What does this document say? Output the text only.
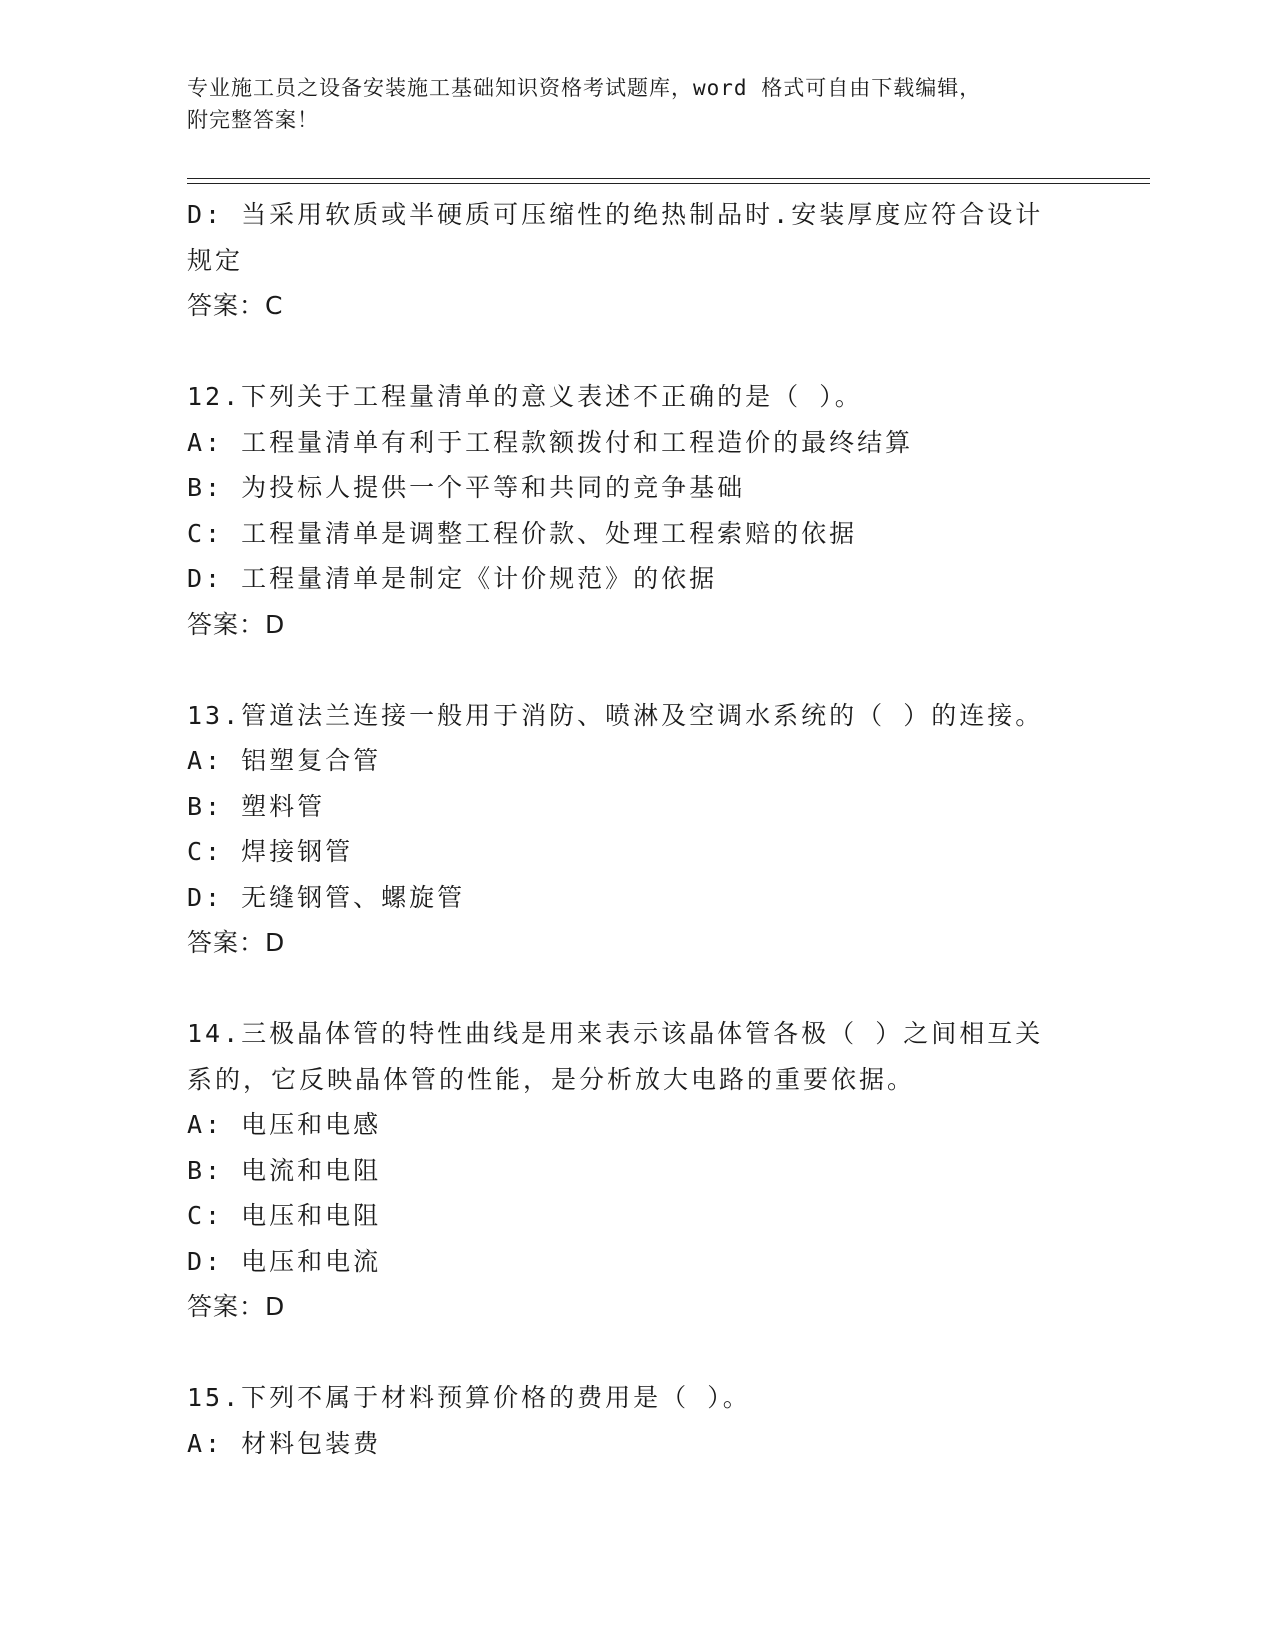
专业施工员之设备安装施工基础知识资格考试题库，word 格式可自由下载编辑，
附完整答案！
D: 当采用软质或半硬质可压缩性的绝热制品时.安装厚度应符合设计
规定
答案：C
12.下列关于工程量清单的意义表述不正确的是（ ）。
A: 工程量清单有利于工程款额拨付和工程造价的最终结算
B: 为投标人提供一个平等和共同的竞争基础
C: 工程量清单是调整工程价款、处理工程索赔的依据
D: 工程量清单是制定《计价规范》的依据
答案：D
13.管道法兰连接一般用于消防、喷淋及空调水系统的（ ）的连接。
A: 铝塑复合管
B: 塑料管
C: 焊接钢管
D: 无缝钢管、螺旋管
答案：D
14.三极晶体管的特性曲线是用来表示该晶体管各极（ ）之间相互关
系的，它反映晶体管的性能，是分析放大电路的重要依据。
A: 电压和电感
B: 电流和电阻
C: 电压和电阻
D: 电压和电流
答案：D
15.下列不属于材料预算价格的费用是（ ）。
A: 材料包装费
